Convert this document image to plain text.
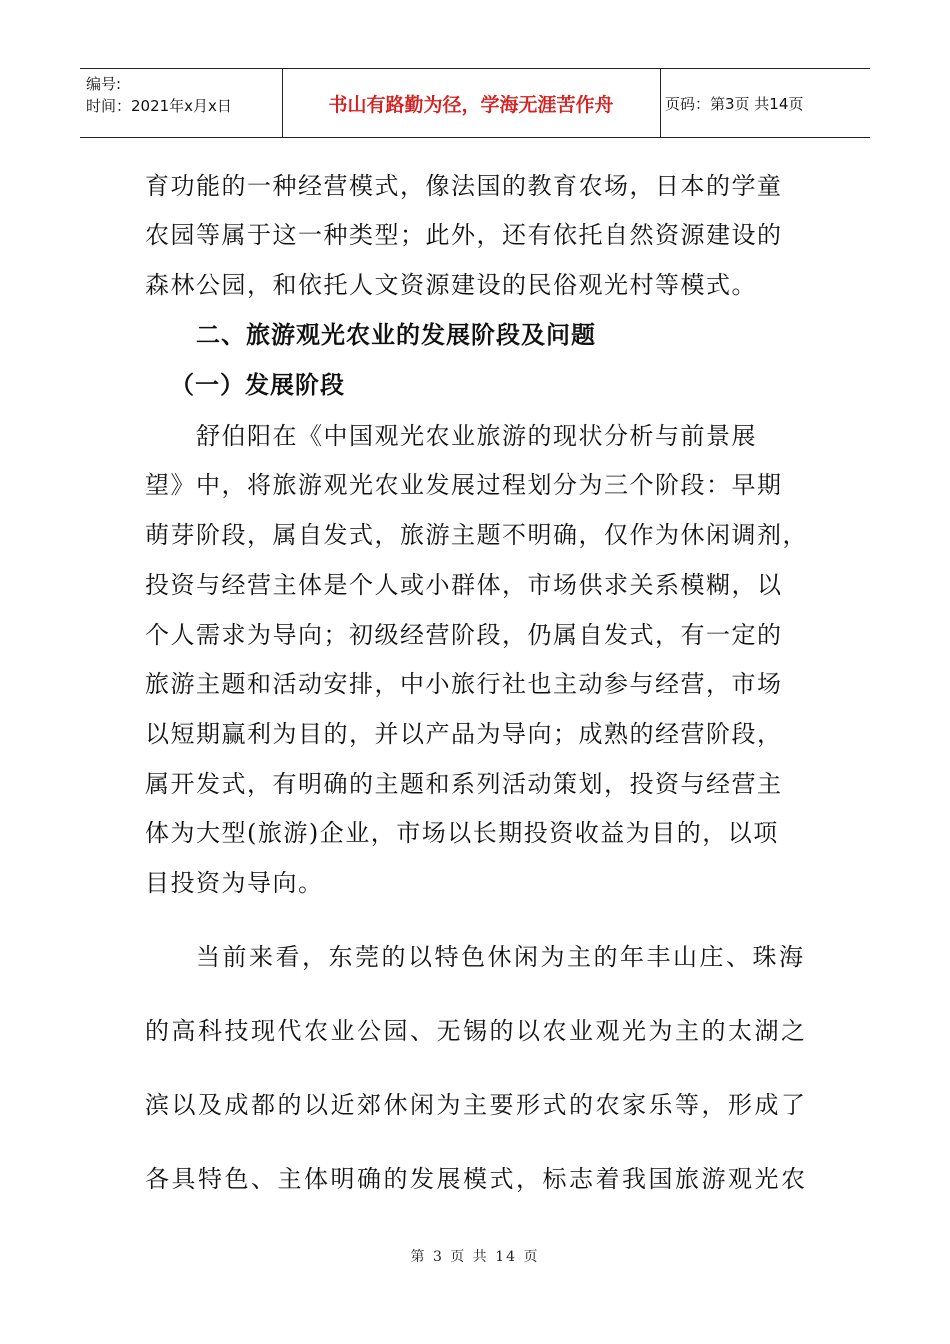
编号:
时间：2021年x月x日	书山有路勤为径，学海无涯苦作舟	页码：第3页 共14页
育功能的一种经营模式，像法国的教育农场，日本的学童
农园等属于这一种类型；此外，还有依托自然资源建设的
森林公园，和依托人文资源建设的民俗观光村等模式。
二、旅游观光农业的发展阶段及问题
（一）发展阶段
舒伯阳在《中国观光农业旅游的现状分析与前景展
望》中，将旅游观光农业发展过程划分为三个阶段：早期
萌芽阶段，属自发式，旅游主题不明确，仅作为休闲调剂，
投资与经营主体是个人或小群体，市场供求关系模糊，以
个人需求为导向；初级经营阶段，仍属自发式，有一定的
旅游主题和活动安排，中小旅行社也主动参与经营，市场
以短期赢利为目的，并以产品为导向；成熟的经营阶段，
属开发式，有明确的主题和系列活动策划，投资与经营主
体为大型(旅游)企业，市场以长期投资收益为目的，以项
目投资为导向。
当前来看，东莞的以特色休闲为主的年丰山庄、珠海
的高科技现代农业公园、无锡的以农业观光为主的太湖之
滨以及成都的以近郊休闲为主要形式的农家乐等，形成了
各具特色、主体明确的发展模式，标志着我国旅游观光农
第 3 页 共 14 页
